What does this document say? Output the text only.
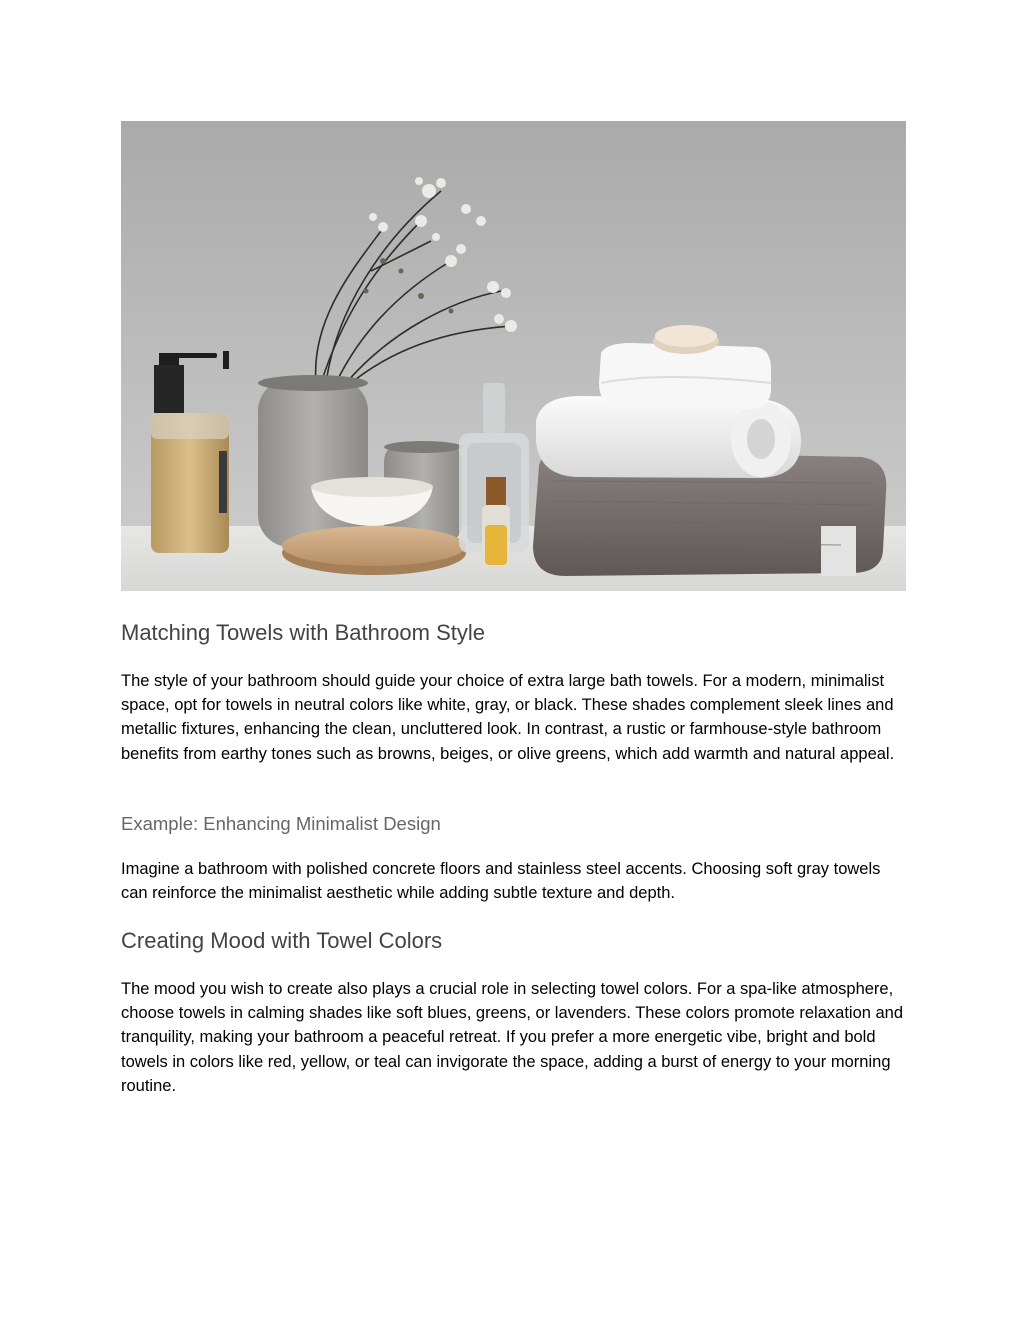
Matching Towels with Bathroom Style

The style of your bathroom should guide your choice of extra large bath towels. For a modern, minimalist space, opt for towels in neutral colors like white, gray, or black. These shades complement sleek lines and metallic fixtures, enhancing the clean, uncluttered look. In contrast, a rustic or farmhouse-style bathroom benefits from earthy tones such as browns, beiges, or olive greens, which add warmth and natural appeal.

Example: Enhancing Minimalist Design

Imagine a bathroom with polished concrete floors and stainless steel accents. Choosing soft gray towels can reinforce the minimalist aesthetic while adding subtle texture and depth.

Creating Mood with Towel Colors

The mood you wish to create also plays a crucial role in selecting towel colors. For a spa-like atmosphere, choose towels in calming shades like soft blues, greens, or lavenders. These colors promote relaxation and tranquility, making your bathroom a peaceful retreat. If you prefer a more energetic vibe, bright and bold towels in colors like red, yellow, or teal can invigorate the space, adding a burst of energy to your morning routine.
